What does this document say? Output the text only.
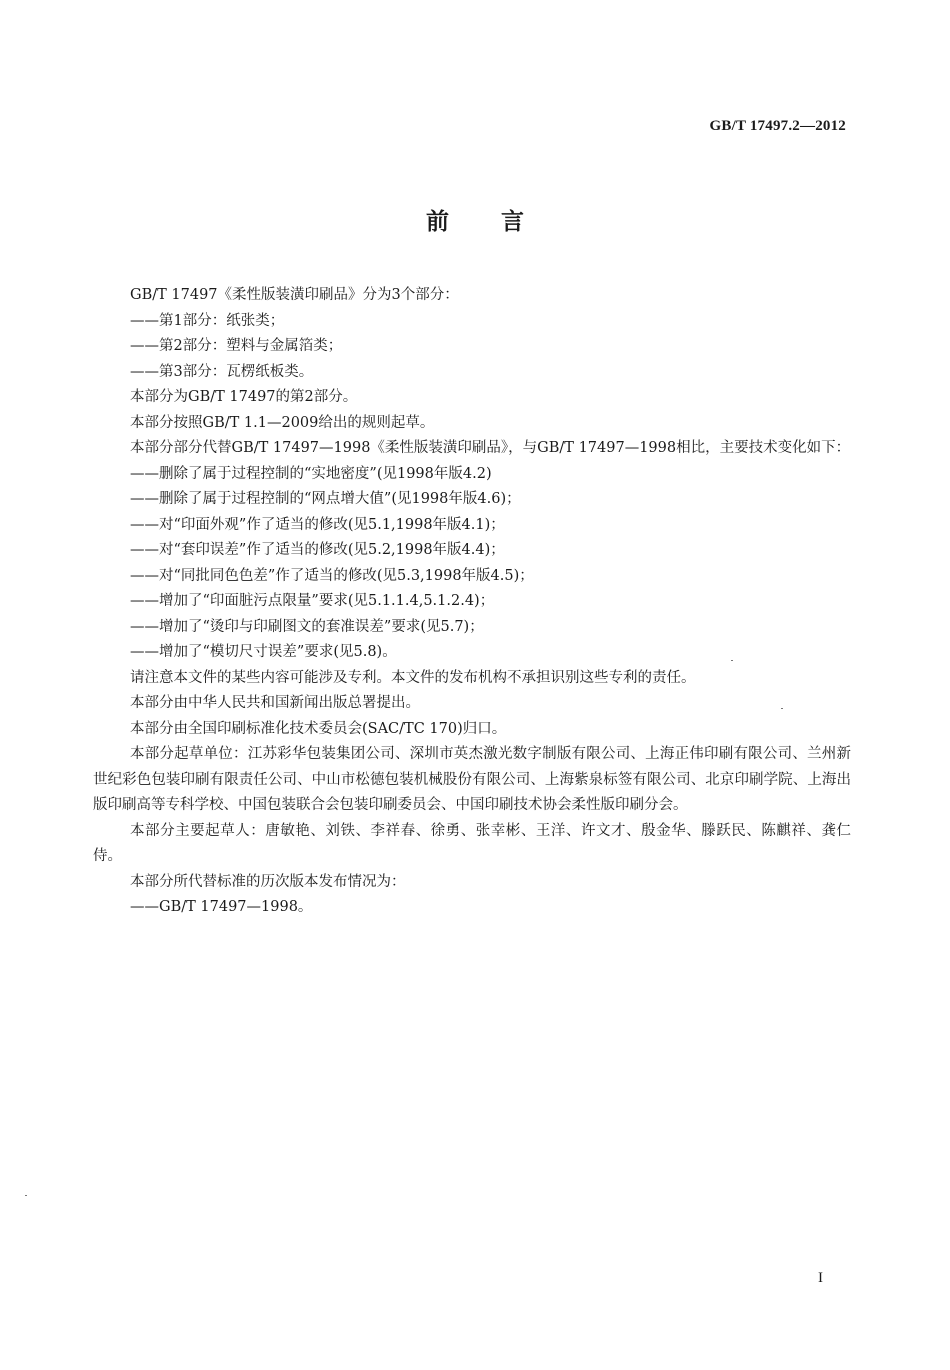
GB/T 17497.2—2012
前言

GB/T 17497《柔性版装潢印刷品》分为3个部分：

——第1部分：纸张类；

——第2部分：塑料与金属箔类；

——第3部分：瓦楞纸板类。

本部分为GB/T 17497的第2部分。

本部分按照GB/T 1.1—2009给出的规则起草。

本部分部分代替GB/T 17497—1998《柔性版装潢印刷品》，与GB/T 17497—1998相比，主要技术变化如下：

——删除了属于过程控制的“实地密度”(见1998年版4.2)

——删除了属于过程控制的“网点增大值”(见1998年版4.6)；

——对“印面外观”作了适当的修改(见5.1,1998年版4.1)；

——对“套印误差”作了适当的修改(见5.2,1998年版4.4)；

——对“同批同色色差”作了适当的修改(见5.3,1998年版4.5)；

——增加了“印面脏污点限量”要求(见5.1.1.4,5.1.2.4)；

——增加了“烫印与印刷图文的套准误差”要求(见5.7)；

——增加了“模切尺寸误差”要求(见5.8)。

请注意本文件的某些内容可能涉及专利。本文件的发布机构不承担识别这些专利的责任。

本部分由中华人民共和国新闻出版总署提出。

本部分由全国印刷标准化技术委员会(SAC/TC 170)归口。

本部分起草单位：江苏彩华包装集团公司、深圳市英杰激光数字制版有限公司、上海正伟印刷有限公司、兰州新世纪彩色包装印刷有限责任公司、中山市松德包装机械股份有限公司、上海紫泉标签有限公司、北京印刷学院、上海出版印刷高等专科学校、中国包装联合会包装印刷委员会、中国印刷技术协会柔性版印刷分会。

本部分主要起草人：唐敏艳、刘铁、李祥春、徐勇、张幸彬、王洋、许文才、殷金华、滕跃民、陈麒祥、龚仁侍。

本部分所代替标准的历次版本发布情况为：

——GB/T 17497—1998。

I
